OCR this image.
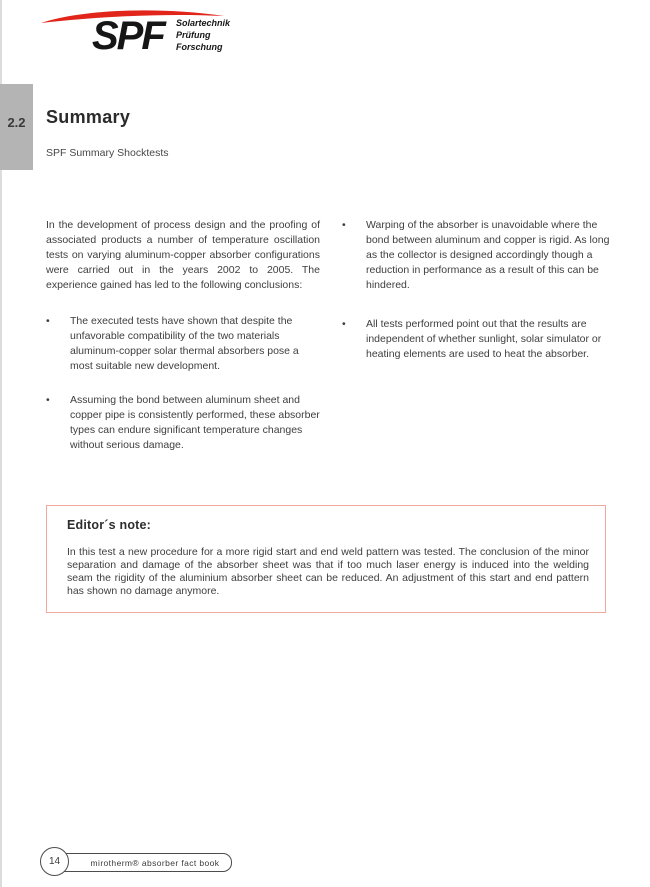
SPF Solartechnik
Prüfung
Forschung
2.2 Summary
SPF Summary Shocktests

In the development of process design and the proofing of associated products a number of temperature oscillation tests on varying aluminum-copper absorber configurations were carried out in the years 2002 to 2005. The experience gained has led to the following conclusions:

•	The executed tests have shown that despite the unfavorable compatibility of the two materials aluminum-copper solar thermal absorbers pose a most suitable new development.
•	Assuming the bond between aluminum sheet and copper pipe is consistently performed, these absorber types can endure significant temperature changes without serious damage.
•	Warping of the absorber is unavoidable where the bond between aluminum and copper is rigid. As long as the collector is designed accordingly though a reduction in performance as a result of this can be hindered.
•	All tests performed point out that the results are independent of whether sunlight, solar simulator or heating elements are used to heat the absorber.
Editor´s note:

In this test a new procedure for a more rigid start and end weld pattern was tested. The conclusion of the minor separation and damage of the absorber sheet was that if too much laser energy is induced into the welding seam the rigidity of the aluminium absorber sheet can be reduced. An adjustment of this start and end pattern has shown no damage anymore.

mirotherm® absorber fact book
14
